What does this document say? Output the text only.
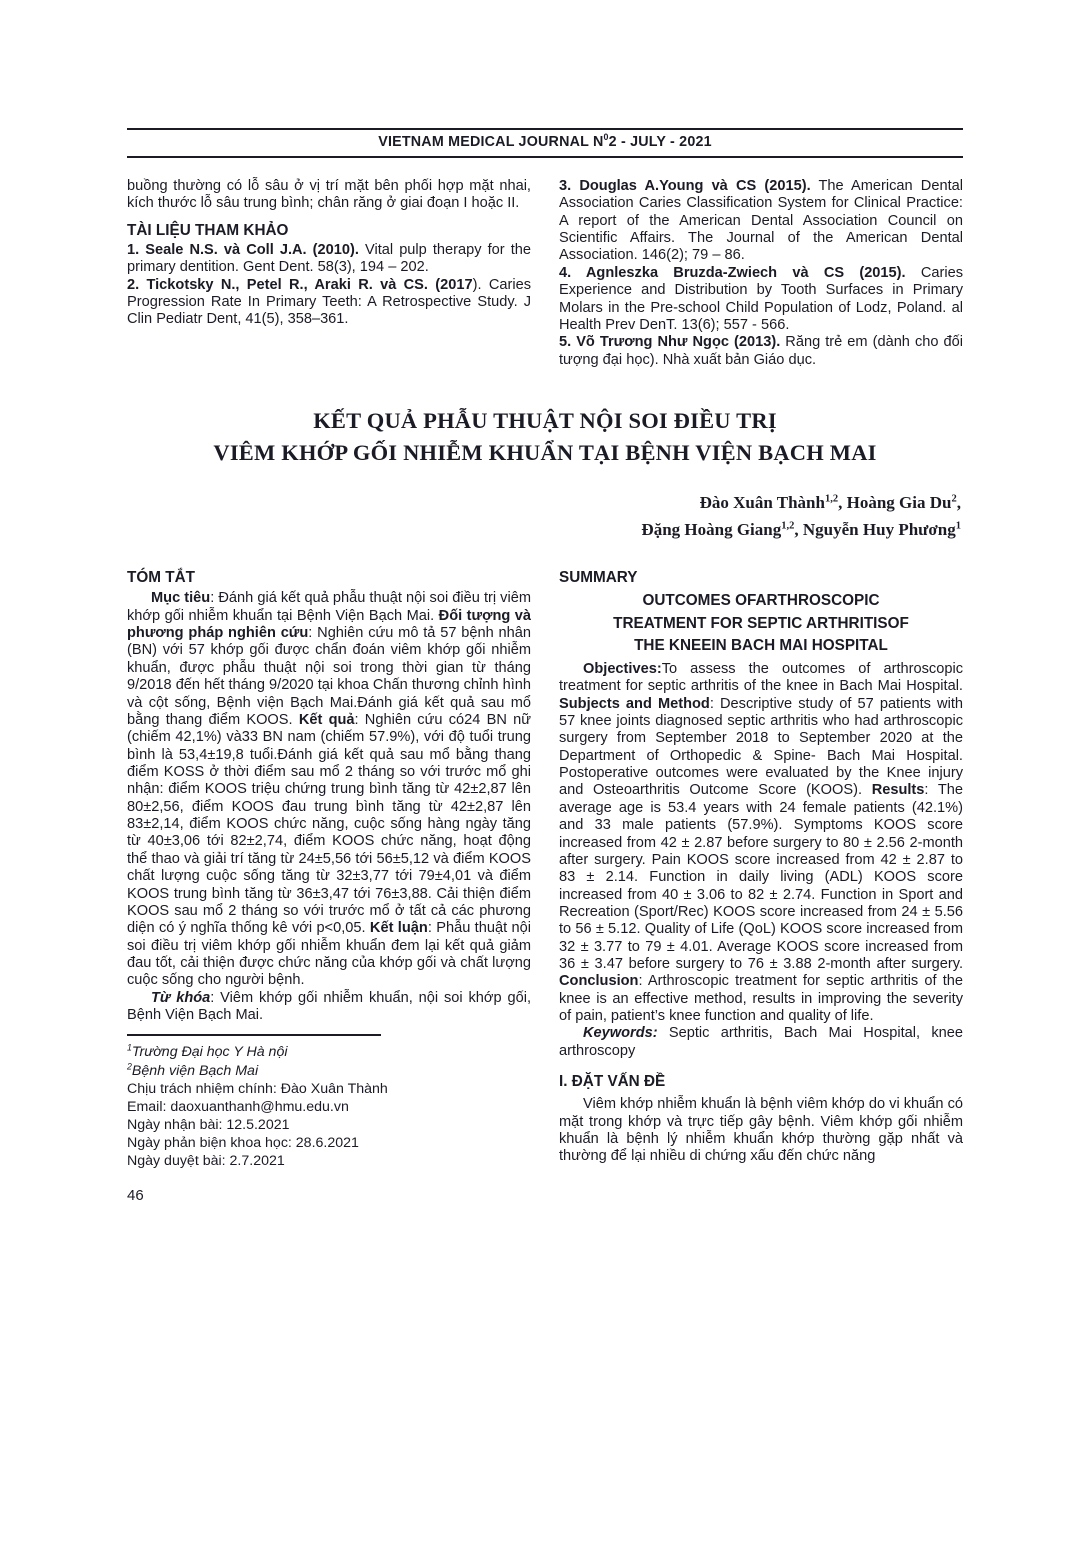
VIETNAM MEDICAL JOURNAL $N^02$ - JULY - 2021

buồng thường có lỗ sâu ở vị trí mặt bên phối hợp mặt nhai, kích thước lỗ sâu trung bình; chân răng ở giai đoạn I hoặc II.

TÀI LIỆU THAM KHẢO

1. Seale N.S. và Coll J.A. (2010). Vital pulp therapy for the primary dentition. Gent Dent. 58(3), 194 – 202.

2. Tickotsky N., Petel R., Araki R. và CS. (2017). Caries Progression Rate In Primary Teeth: A Retrospective Study. J Clin Pediatr Dent, 41(5), 358–361.

3. Douglas A.Young và CS (2015). The American Dental Association Caries Classification System for Clinical Practice: A report of the American Dental Association Council on Scientific Affairs. The Journal of the American Dental Association. 146(2); 79 – 86.

4. Agnleszka Bruzda-Zwiech và CS (2015). Caries Experience and Distribution by Tooth Surfaces in Primary Molars in the Pre-school Child Population of Lodz, Poland. al Health Prev DenT. 13(6); 557 - 566.

5. Võ Trương Như Ngọc (2013). Răng trẻ em (dành cho đối tượng đại học). Nhà xuất bản Giáo dục.

KẾT QUẢ PHẪU THUẬT NỘI SOI ĐIỀU TRỊ
VIÊM KHỚP GỐI NHIỄM KHUẨN TẠI BỆNH VIỆN BẠCH MAI
Đào Xuân Thành$^{1,2}$, Hoàng Gia Du$^2$,
Đặng Hoàng Giang$^{1,2}$, Nguyễn Huy Phương$^1$
TÓM TẮT

Mục tiêu: Đánh giá kết quả phẫu thuật nội soi điều trị viêm khớp gối nhiễm khuẩn tại Bệnh Viện Bạch Mai. Đối tượng và phương pháp nghiên cứu: Nghiên cứu mô tả 57 bệnh nhân (BN) với 57 khớp gối được chẩn đoán viêm khớp gối nhiễm khuẩn, được phẫu thuật nội soi trong thời gian từ tháng 9/2018 đến hết tháng 9/2020 tại khoa Chấn thương chỉnh hình và cột sống, Bệnh viện Bạch Mai.Đánh giá kết quả sau mổ bằng thang điểm KOOS. Kết quả: Nghiên cứu có24 BN nữ (chiếm 42,1%) và33 BN nam (chiếm 57.9%), với độ tuổi trung bình là 53,4±19,8 tuổi.Đánh giá kết quả sau mổ bằng thang điểm KOSS ở thời điểm sau mổ 2 tháng so với trước mổ ghi nhận: điểm KOOS triệu chứng trung bình tăng từ 42±2,87 lên 80±2,56, điểm KOOS đau trung bình tăng từ 42±2,87 lên 83±2,14, điểm KOOS chức năng, cuộc sống hàng ngày tăng từ 40±3,06 tới 82±2,74, điểm KOOS chức năng, hoạt động thể thao và giải trí tăng từ 24±5,56 tới 56±5,12 và điểm KOOS chất lượng cuộc sống tăng từ 32±3,77 tới 79±4,01 và điểm KOOS trung bình tăng từ 36±3,47 tới 76±3,88. Cải thiện điểm KOOS sau mổ 2 tháng so với trước mổ ở tất cả các phương diện có ý nghĩa thống kê với p<0,05. Kết luận: Phẫu thuật nội soi điều trị viêm khớp gối nhiễm khuẩn đem lại kết quả giảm đau tốt, cải thiện được chức năng của khớp gối và chất lượng cuộc sống cho người bệnh.

Từ khóa: Viêm khớp gối nhiễm khuẩn, nội soi khớp gối, Bệnh Viện Bạch Mai.

$^1$Trường Đại học Y Hà nội
$^2$Bệnh viện Bạch Mai
Chịu trách nhiệm chính: Đào Xuân Thành
Email: daoxuanthanh@hmu.edu.vn
Ngày nhận bài: 12.5.2021
Ngày phản biện khoa học: 28.6.2021
Ngày duyệt bài: 2.7.2021
SUMMARY
OUTCOMES OFARTHROSCOPIC
TREATMENT FOR SEPTIC ARTHRITISOF
THE KNEEIN BACH MAI HOSPITAL

Objectives:To assess the outcomes of arthroscopic treatment for septic arthritis of the knee in Bach Mai Hospital. Subjects and Method: Descriptive study of 57 patients with 57 knee joints diagnosed septic arthritis who had arthroscopic surgery from September 2018 to September 2020 at the Department of Orthopedic & Spine- Bach Mai Hospital. Postoperative outcomes were evaluated by the Knee injury and Osteoarthritis Outcome Score (KOOS). Results: The average age is 53.4 years with 24 female patients (42.1%) and 33 male patients (57.9%). Symptoms KOOS score increased from 42 ± 2.87 before surgery to 80 ± 2.56 2-month after surgery. Pain KOOS score increased from 42 ± 2.87 to 83 ± 2.14. Function in daily living (ADL) KOOS score increased from 40 ± 3.06 to 82 ± 2.74. Function in Sport and Recreation (Sport/Rec) KOOS score increased from 24 ± 5.56 to 56 ± 5.12. Quality of Life (QoL) KOOS score increased from 32 ± 3.77 to 79 ± 4.01. Average KOOS score increased from 36 ± 3.47 before surgery to 76 ± 3.88 2-month after surgery. Conclusion: Arthroscopic treatment for septic arthritis of the knee is an effective method, results in improving the severity of pain, patient’s knee function and quality of life.

Keywords: Septic arthritis, Bach Mai Hospital, knee arthroscopy

I. ĐẶT VẤN ĐỀ

Viêm khớp nhiễm khuẩn là bệnh viêm khớp do vi khuẩn có mặt trong khớp và trực tiếp gây bệnh. Viêm khớp gối nhiễm khuẩn là bệnh lý nhiễm khuẩn khớp thường gặp nhất và thường để lại nhiều di chứng xấu đến chức năng

46
